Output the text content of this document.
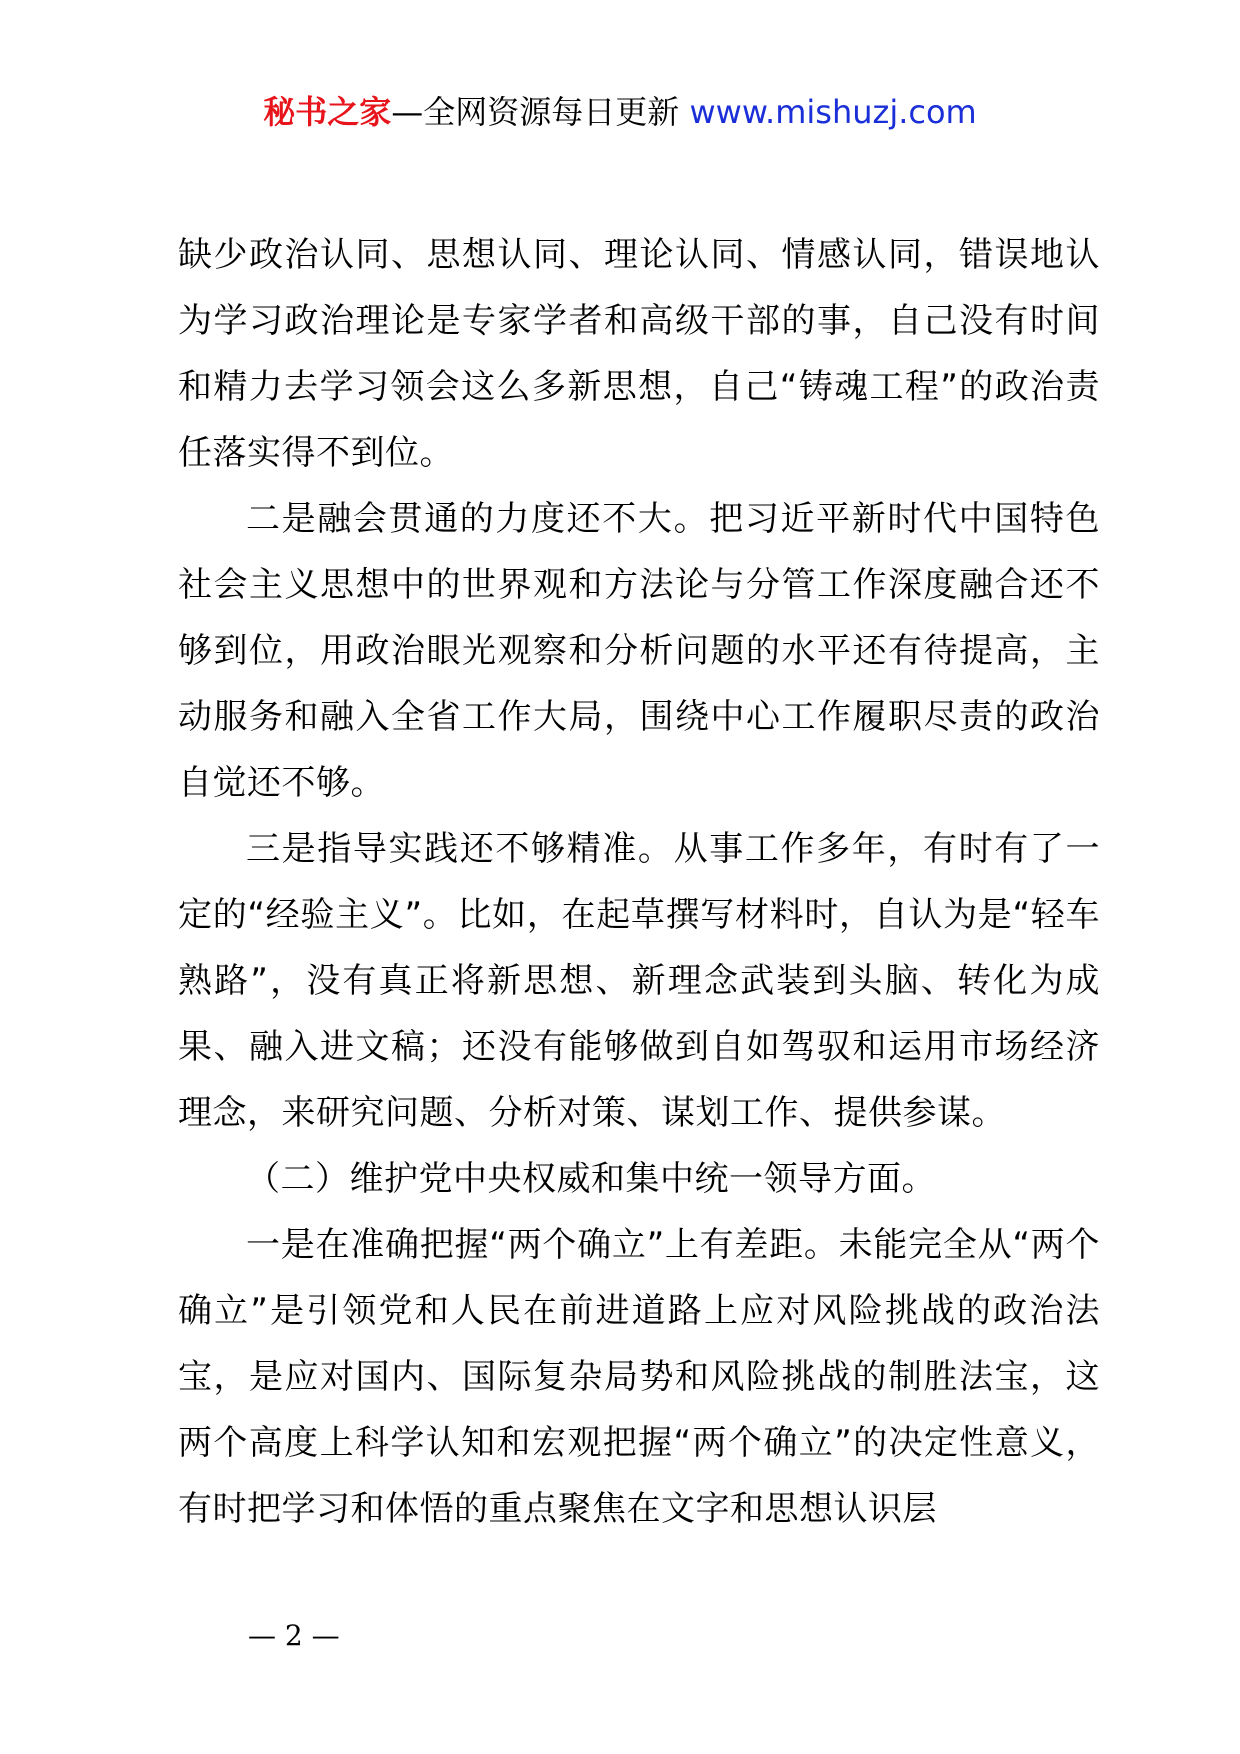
秘书之家—全网资源每日更新 www.mishuzj.com

缺少政治认同、思想认同、理论认同、情感认同，错误地认为学习政治理论是专家学者和高级干部的事，自己没有时间和精力去学习领会这么多新思想，自己“铸魂工程”的政治责任落实得不到位。

二是融会贯通的力度还不大。把习近平新时代中国特色社会主义思想中的世界观和方法论与分管工作深度融合还不够到位，用政治眼光观察和分析问题的水平还有待提高，主动服务和融入全省工作大局，围绕中心工作履职尽责的政治自觉还不够。

三是指导实践还不够精准。从事工作多年，有时有了一定的“经验主义”。比如，在起草撰写材料时，自认为是“轻车熟路”，没有真正将新思想、新理念武装到头脑、转化为成果、融入进文稿；还没有能够做到自如驾驭和运用市场经济理念，来研究问题、分析对策、谋划工作、提供参谋。

（二）维护党中央权威和集中统一领导方面。

一是在准确把握“两个确立”上有差距。未能完全从“两个确立”是引领党和人民在前进道路上应对风险挑战的政治法宝，是应对国内、国际复杂局势和风险挑战的制胜法宝，这两个高度上科学认知和宏观把握“两个确立”的决定性意义，有时把学习和体悟的重点聚焦在文字和思想认识层

— 2 —
